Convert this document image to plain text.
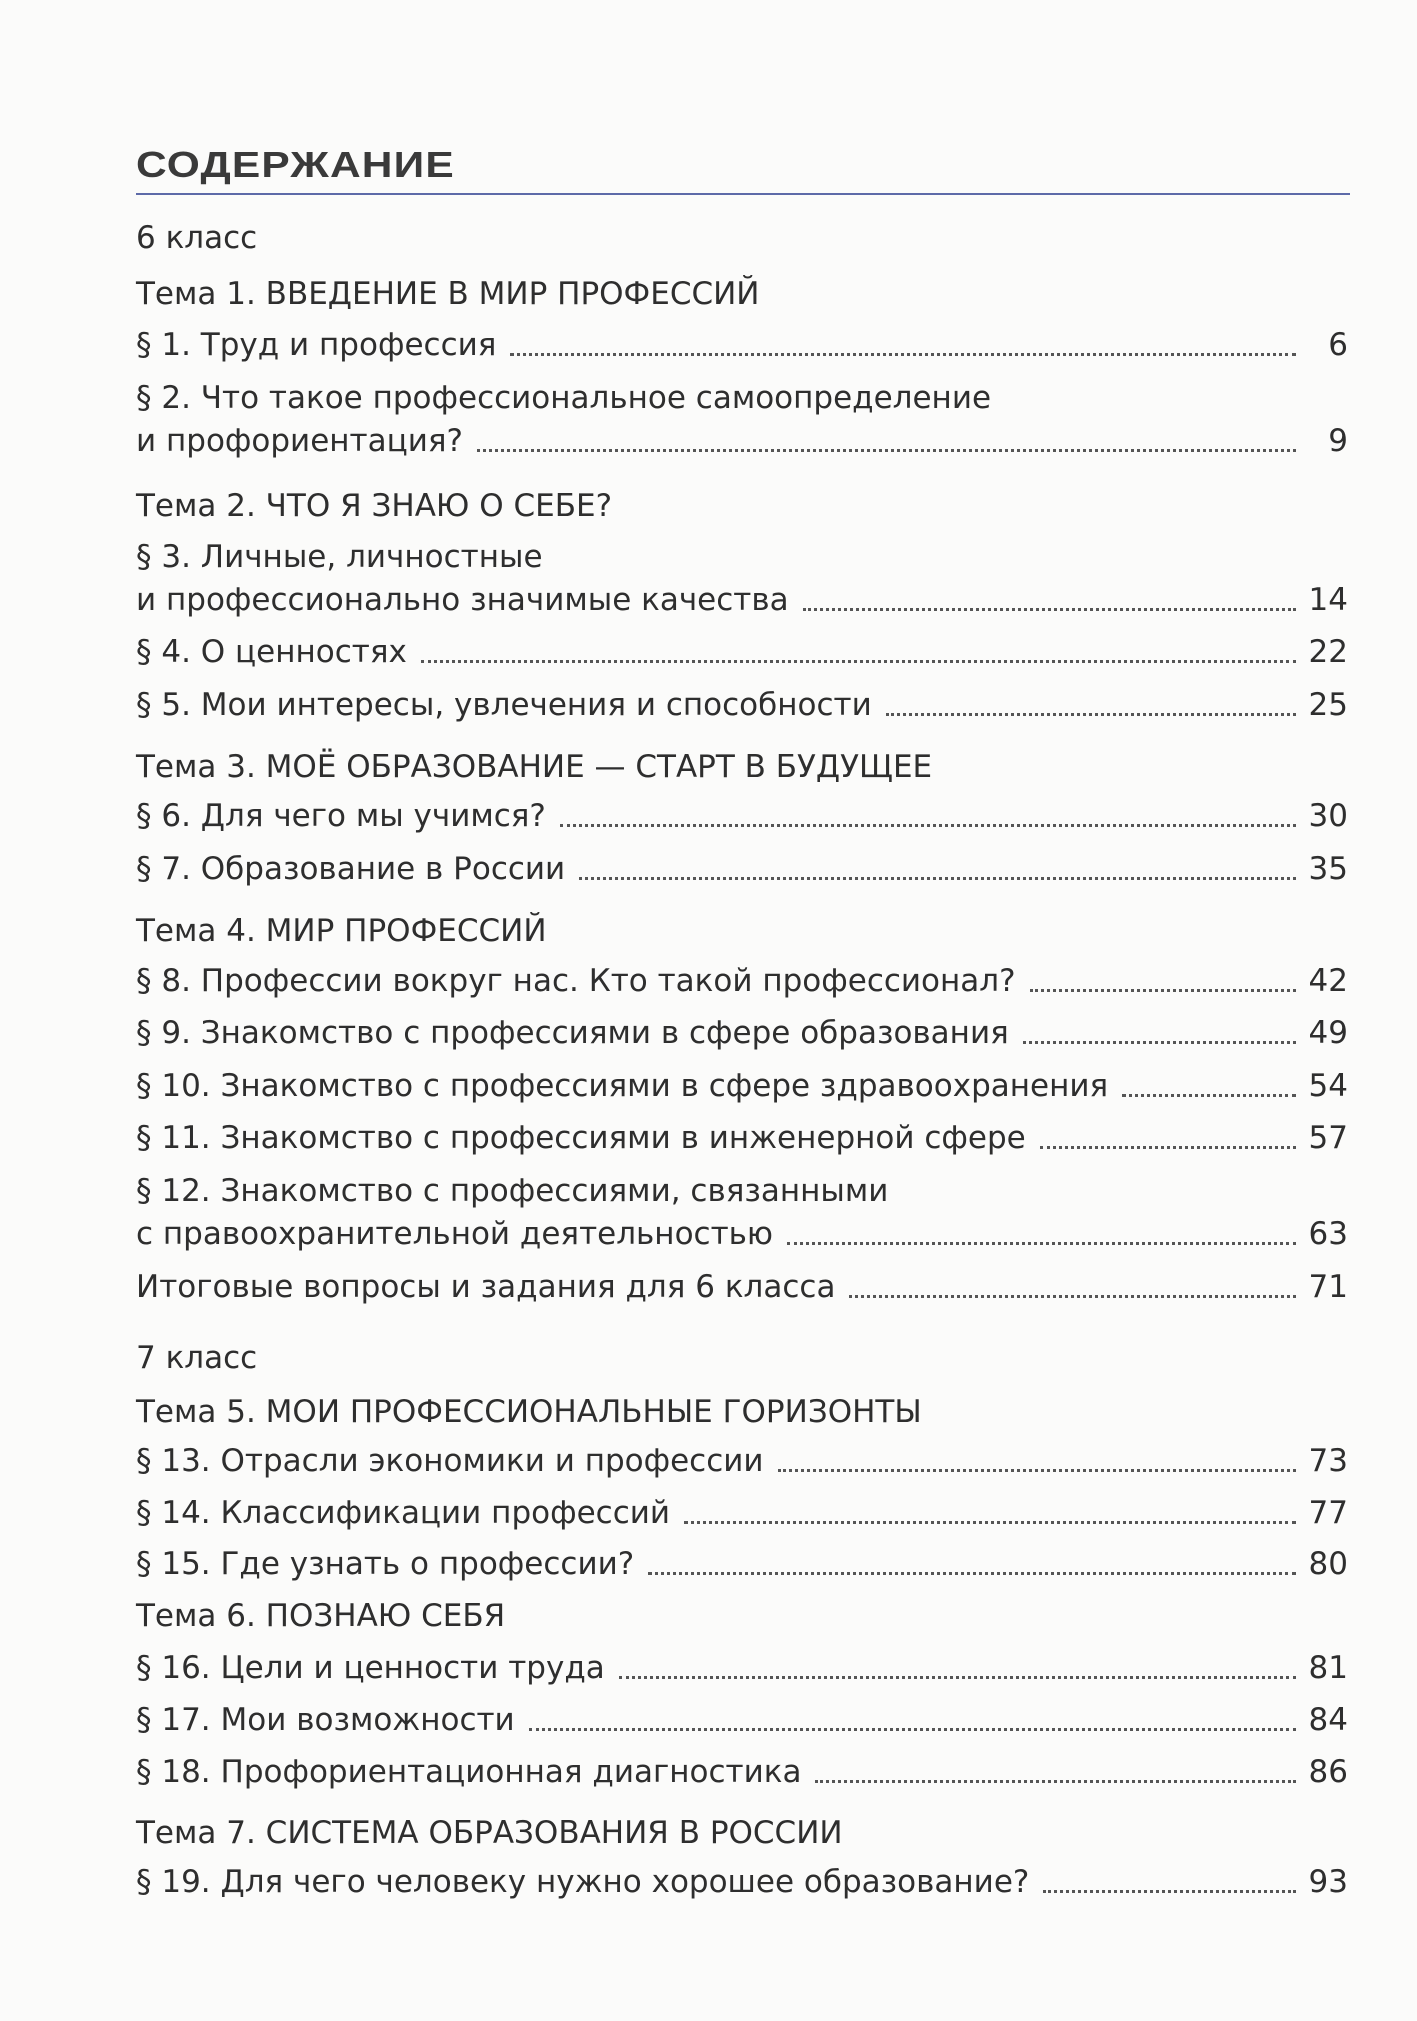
СОДЕРЖАНИЕ
6 класс
Тема 1. ВВЕДЕНИЕ В МИР ПРОФЕССИЙ
§ 1. Труд и профессия	6
§ 2. Что такое профессиональное самоопределение
и профориентация?	9
Тема 2. ЧТО Я ЗНАЮ О СЕБЕ?
§ 3. Личные, личностные
и профессионально значимые качества	14
§ 4. О ценностях	22
§ 5. Мои интересы, увлечения и способности	25
Тема 3. МОЁ ОБРАЗОВАНИЕ — СТАРТ В БУДУЩЕЕ
§ 6. Для чего мы учимся?	30
§ 7. Образование в России	35
Тема 4. МИР ПРОФЕССИЙ
§ 8. Профессии вокруг нас. Кто такой профессионал?	42
§ 9. Знакомство с профессиями в сфере образования	49
§ 10. Знакомство с профессиями в сфере здравоохранения	54
§ 11. Знакомство с профессиями в инженерной сфере	57
§ 12. Знакомство с профессиями, связанными
с правоохранительной деятельностью	63
Итоговые вопросы и задания для 6 класса	71
7 класс
Тема 5. МОИ ПРОФЕССИОНАЛЬНЫЕ ГОРИЗОНТЫ
§ 13. Отрасли экономики и профессии	73
§ 14. Классификации профессий	77
§ 15. Где узнать о профессии?	80
Тема 6. ПОЗНАЮ СЕБЯ
§ 16. Цели и ценности труда	81
§ 17. Мои возможности	84
§ 18. Профориентационная диагностика	86
Тема 7. СИСТЕМА ОБРАЗОВАНИЯ В РОССИИ
§ 19. Для чего человеку нужно хорошее образование?	93
